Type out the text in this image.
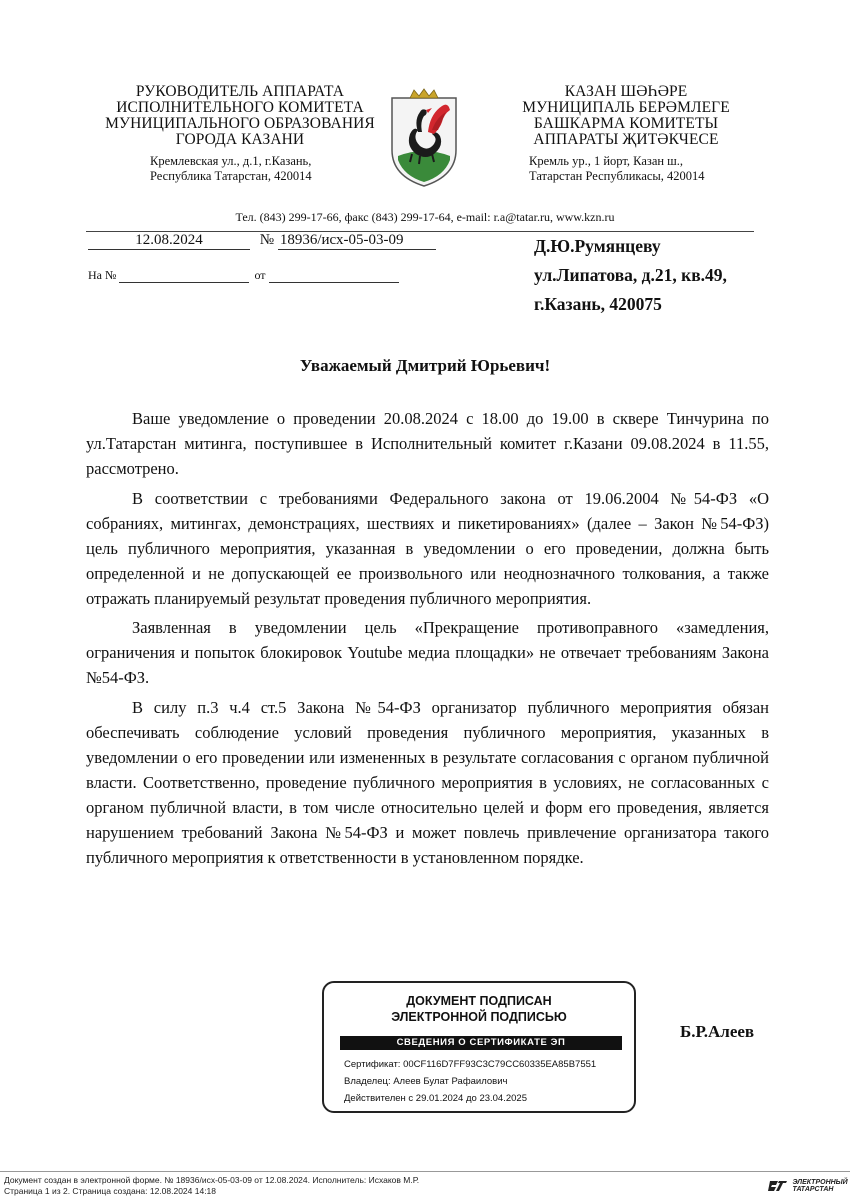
РУКОВОДИТЕЛЬ АППАРАТА
ИСПОЛНИТЕЛЬНОГО КОМИТЕТА
МУНИЦИПАЛЬНОГО ОБРАЗОВАНИЯ
ГОРОДА КАЗАНИ
Кремлевская ул., д.1, г.Казань,
Республика Татарстан, 420014
КАЗАН ШӘҺӘРЕ
МУНИЦИПАЛЬ БЕРӘМЛЕГЕ
БАШКАРМА КОМИТЕТЫ
АППАРАТЫ ҖИТӘКЧЕСЕ
Кремль ур., 1 йорт, Казан ш.,
Татарстан Республикасы, 420014
Тел. (843) 299-17-66, факс (843) 299-17-64, e-mail: r.a@tatar.ru, www.kzn.ru
12.08.2024	№ 18936/исх-05-03-09
На №	от
Д.Ю.Румянцеву
ул.Липатова, д.21, кв.49,
г.Казань, 420075
Уважаемый Дмитрий Юрьевич!

Ваше уведомление о проведении 20.08.2024 с 18.00 до 19.00 в сквере Тинчурина по ул.Татарстан митинга, поступившее в Исполнительный комитет г.Казани 09.08.2024 в 11.55, рассмотрено.

В соответствии с требованиями Федерального закона от 19.06.2004 №54-ФЗ «О собраниях, митингах, демонстрациях, шествиях и пикетированиях» (далее – Закон №54-ФЗ) цель публичного мероприятия, указанная в уведомлении о его проведении, должна быть определенной и не допускающей ее произвольного или неоднозначного толкования, а также отражать планируемый результат проведения публичного мероприятия.

Заявленная в уведомлении цель «Прекращение противоправного «замедления, ограничения и попыток блокировок Youtube медиа площадки» не отвечает требованиям Закона №54-ФЗ.

В силу п.3 ч.4 ст.5 Закона №54-ФЗ организатор публичного мероприятия обязан обеспечивать соблюдение условий проведения публичного мероприятия, указанных в уведомлении о его проведении или измененных в результате согласования с органом публичной власти. Соответственно, проведение публичного мероприятия в условиях, не согласованных с органом публичной власти, в том числе относительно целей и форм его проведения, является нарушением требований Закона №54-ФЗ и может повлечь привлечение организатора такого публичного мероприятия к ответственности в установленном порядке.

ДОКУМЕНТ ПОДПИСАН
ЭЛЕКТРОННОЙ ПОДПИСЬЮ
СВЕДЕНИЯ О СЕРТИФИКАТЕ ЭП
Сертификат: 00CF116D7FF93C3C79CC60335EA85B7551
Владелец: Алеев Булат Рафаилович
Действителен с 29.01.2024 до 23.04.2025
Б.Р.Алеев
Документ создан в электронной форме. № 18936/исх-05-03-09 от 12.08.2024. Исполнитель: Исхаков М.Р.
Страница 1 из 2. Страница создана: 12.08.2024 14:18

ЭЛЕКТРОННЫЙ
ТАТАРСТАН
